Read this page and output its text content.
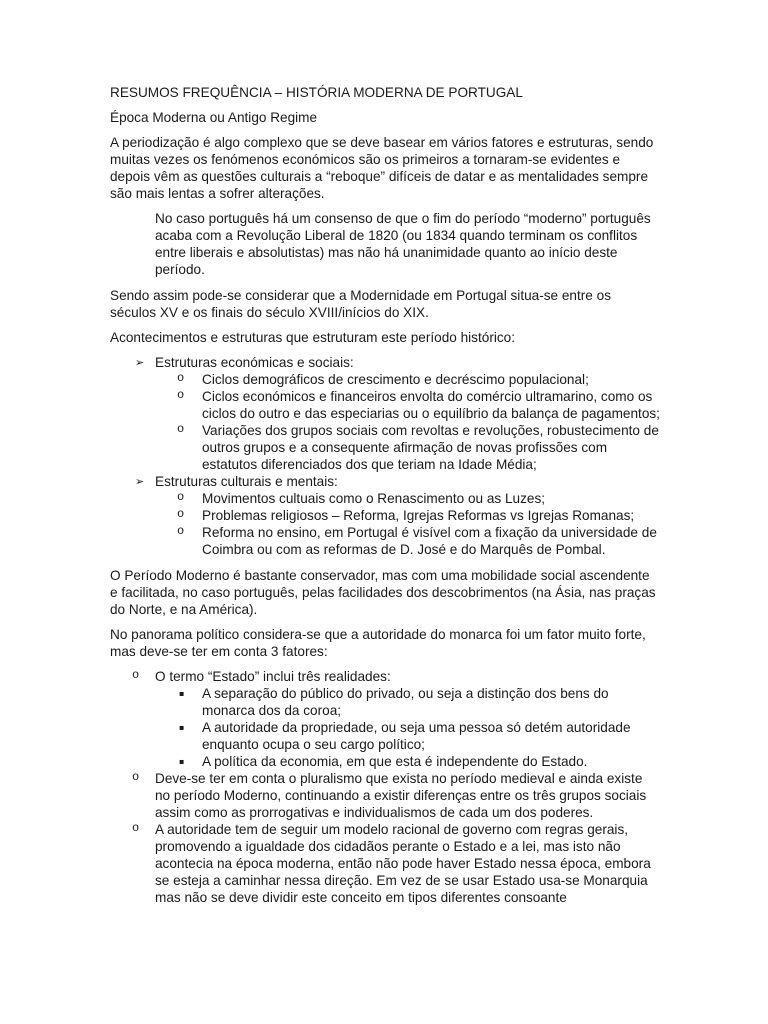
RESUMOS FREQUÊNCIA – HISTÓRIA MODERNA DE PORTUGAL

Época Moderna ou Antigo Regime

A periodização é algo complexo que se deve basear em vários fatores e estruturas, sendo muitas vezes os fenómenos económicos são os primeiros a tornaram-se evidentes e depois vêm as questões culturais a “reboque” difíceis de datar e as mentalidades sempre são mais lentas a sofrer alterações.

No caso português há um consenso de que o fim do período “moderno” português acaba com a Revolução Liberal de 1820 (ou 1834 quando terminam os conflitos entre liberais e absolutistas) mas não há unanimidade quanto ao início deste período.

Sendo assim pode-se considerar que a Modernidade em Portugal situa-se entre os séculos XV e os finais do século XVIII/inícios do XIX.

Acontecimentos e estruturas que estruturam este período histórico:

➢ Estruturas económicas e sociais:
o Ciclos demográficos de crescimento e decréscimo populacional;
o Ciclos económicos e financeiros envolta do comércio ultramarino, como os ciclos do outro e das especiarias ou o equilíbrio da balança de pagamentos;
o Variações dos grupos sociais com revoltas e revoluções, robustecimento de outros grupos e a consequente afirmação de novas profissões com estatutos diferenciados dos que teriam na Idade Média;
➢ Estruturas culturais e mentais:
o Movimentos cultuais como o Renascimento ou as Luzes;
o Problemas religiosos – Reforma, Igrejas Reformas vs Igrejas Romanas;
o Reforma no ensino, em Portugal é visível com a fixação da universidade de Coimbra ou com as reformas de D. José e do Marquês de Pombal.

O Período Moderno é bastante conservador, mas com uma mobilidade social ascendente e facilitada, no caso português, pelas facilidades dos descobrimentos (na Ásia, nas praças do Norte, e na América).

No panorama político considera-se que a autoridade do monarca foi um fator muito forte, mas deve-se ter em conta 3 fatores:

o O termo “Estado” inclui três realidades:
▪ A separação do público do privado, ou seja a distinção dos bens do monarca dos da coroa;
▪ A autoridade da propriedade, ou seja uma pessoa só detém autoridade enquanto ocupa o seu cargo político;
▪ A política da economia, em que esta é independente do Estado.
o Deve-se ter em conta o pluralismo que exista no período medieval e ainda existe no período Moderno, continuando a existir diferenças entre os três grupos sociais assim como as prorrogativas e individualismos de cada um dos poderes.
o A autoridade tem de seguir um modelo racional de governo com regras gerais, promovendo a igualdade dos cidadãos perante o Estado e a lei, mas isto não acontecia na época moderna, então não pode haver Estado nessa época, embora se esteja a caminhar nessa direção. Em vez de se usar Estado usa-se Monarquia mas não se deve dividir este conceito em tipos diferentes consoante
